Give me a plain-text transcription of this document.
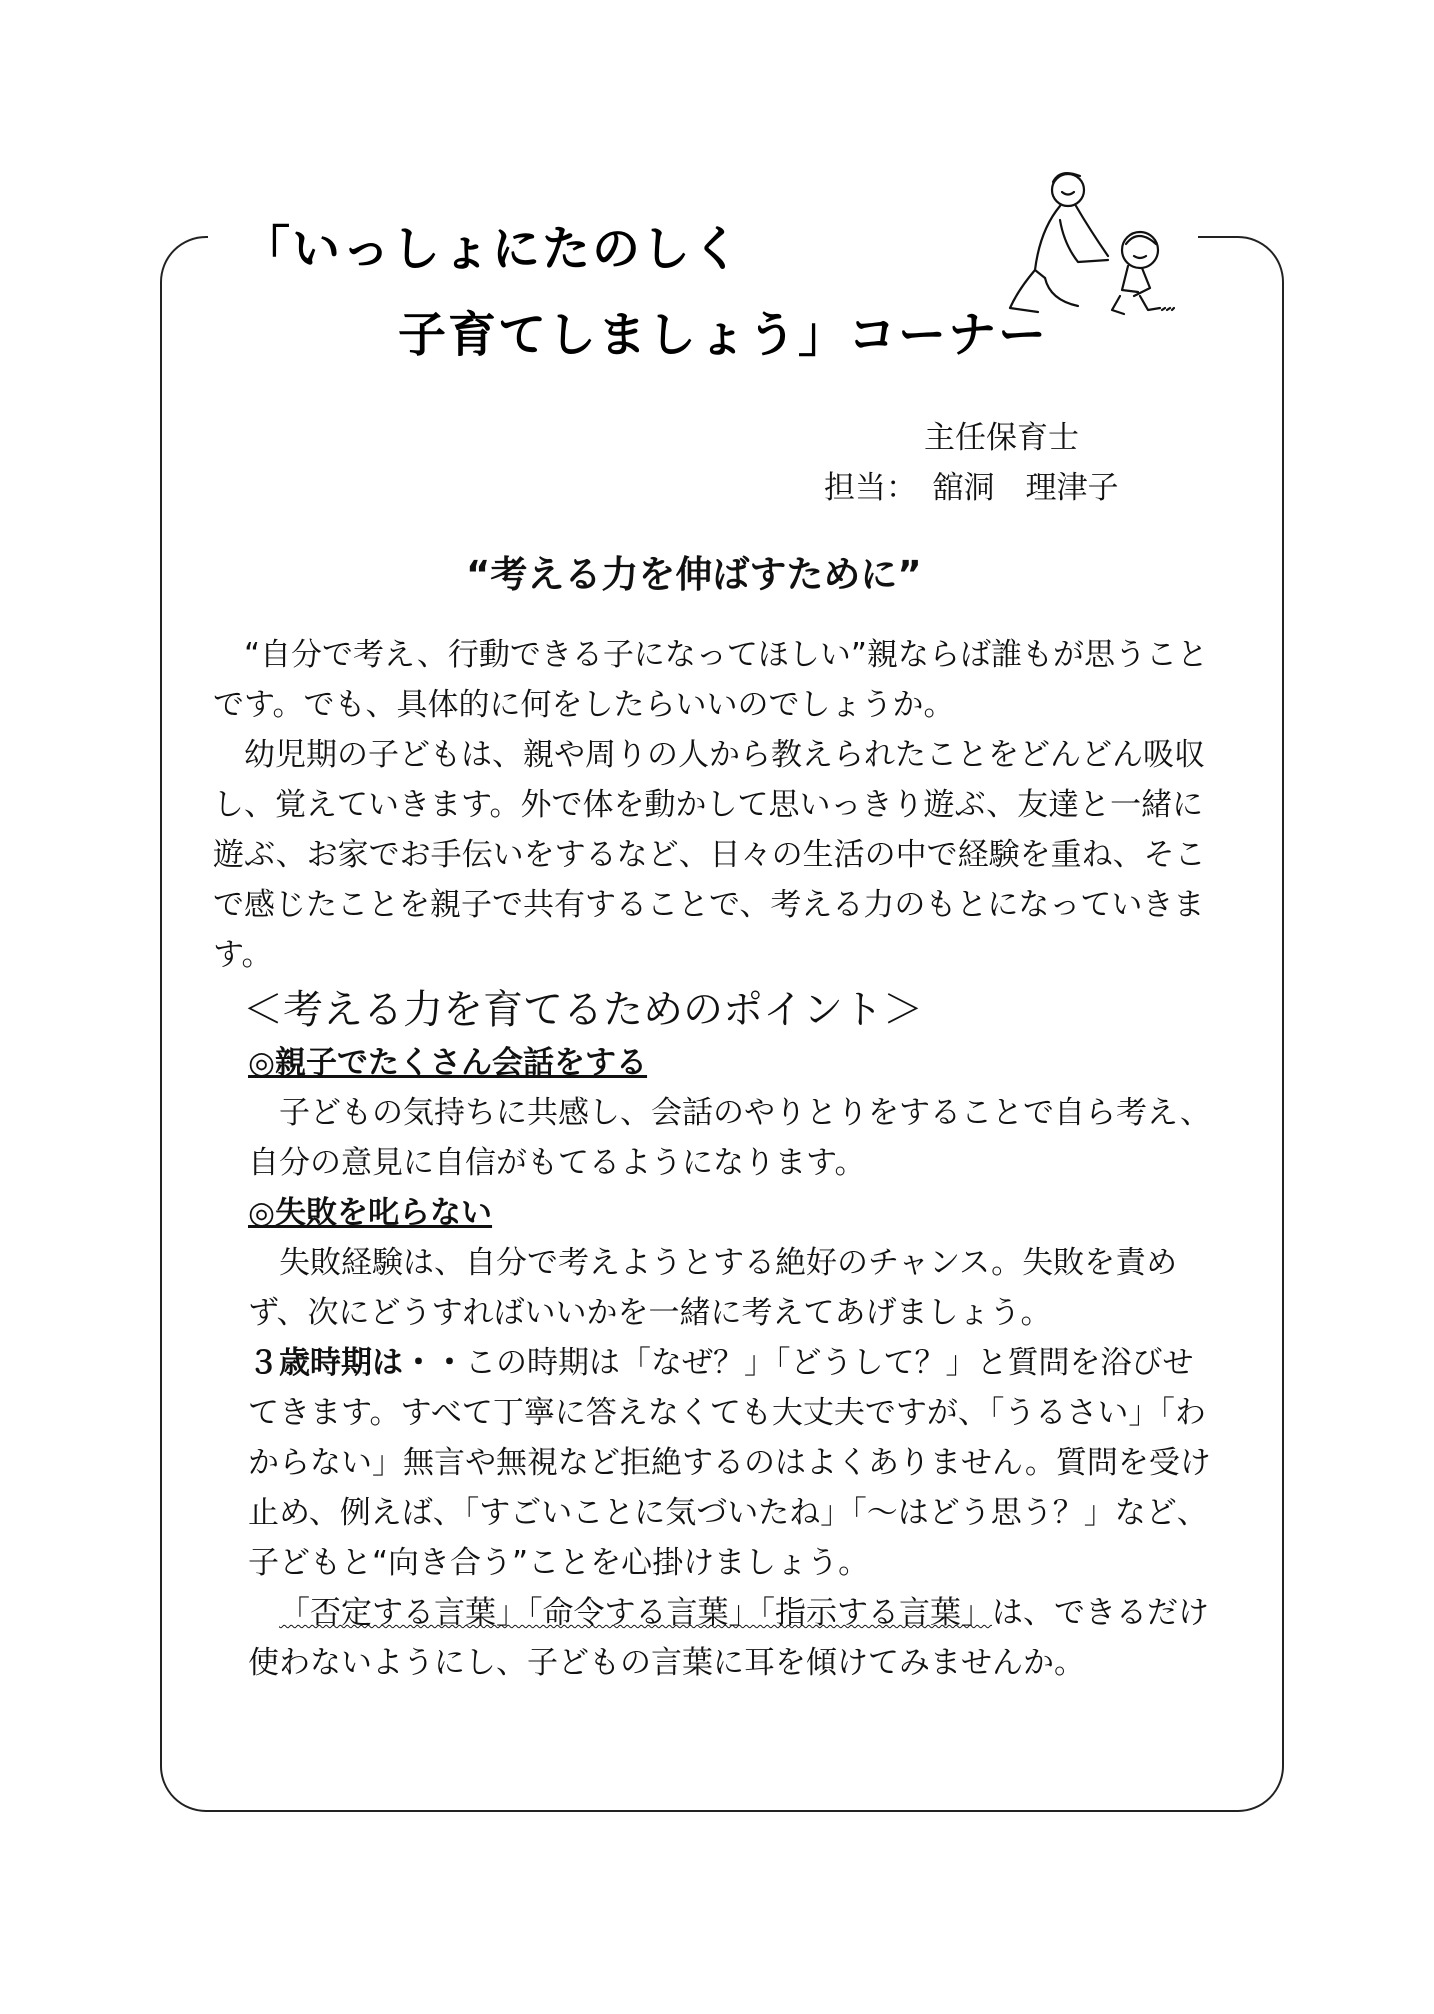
「いっしょにたのしく
子育てしましょう」コーナー
主任保育士
担当：　舘洞　理津子
“考える力を伸ばすために”

“自分で考え、行動できる子になってほしい”親ならば誰もが思うことです。でも、具体的に何をしたらいいのでしょうか。

幼児期の子どもは、親や周りの人から教えられたことをどんどん吸収し、覚えていきます。外で体を動かして思いっきり遊ぶ、友達と一緒に遊ぶ、お家でお手伝いをするなど、日々の生活の中で経験を重ね、そこで感じたことを親子で共有することで、考える力のもとになっていきます。

＜考える力を育てるためのポイント＞

◎親子でたくさん会話をする

子どもの気持ちに共感し、会話のやりとりをすることで自ら考え、自分の意見に自信がもてるようになります。

◎失敗を叱らない

失敗経験は、自分で考えようとする絶好のチャンス。失敗を責めず、次にどうすればいいかを一緒に考えてあげましょう。

３歳時期は・・この時期は「なぜ？」「どうして？」と質問を浴びせてきます。すべて丁寧に答えなくても大丈夫ですが、「うるさい」「わからない」無言や無視など拒絶するのはよくありません。質問を受け止め、例えば、「すごいことに気づいたね」「～はどう思う？」など、子どもと“向き合う”ことを心掛けましょう。

「否定する言葉」「命令する言葉」「指示する言葉」は、できるだけ使わないようにし、子どもの言葉に耳を傾けてみませんか。
